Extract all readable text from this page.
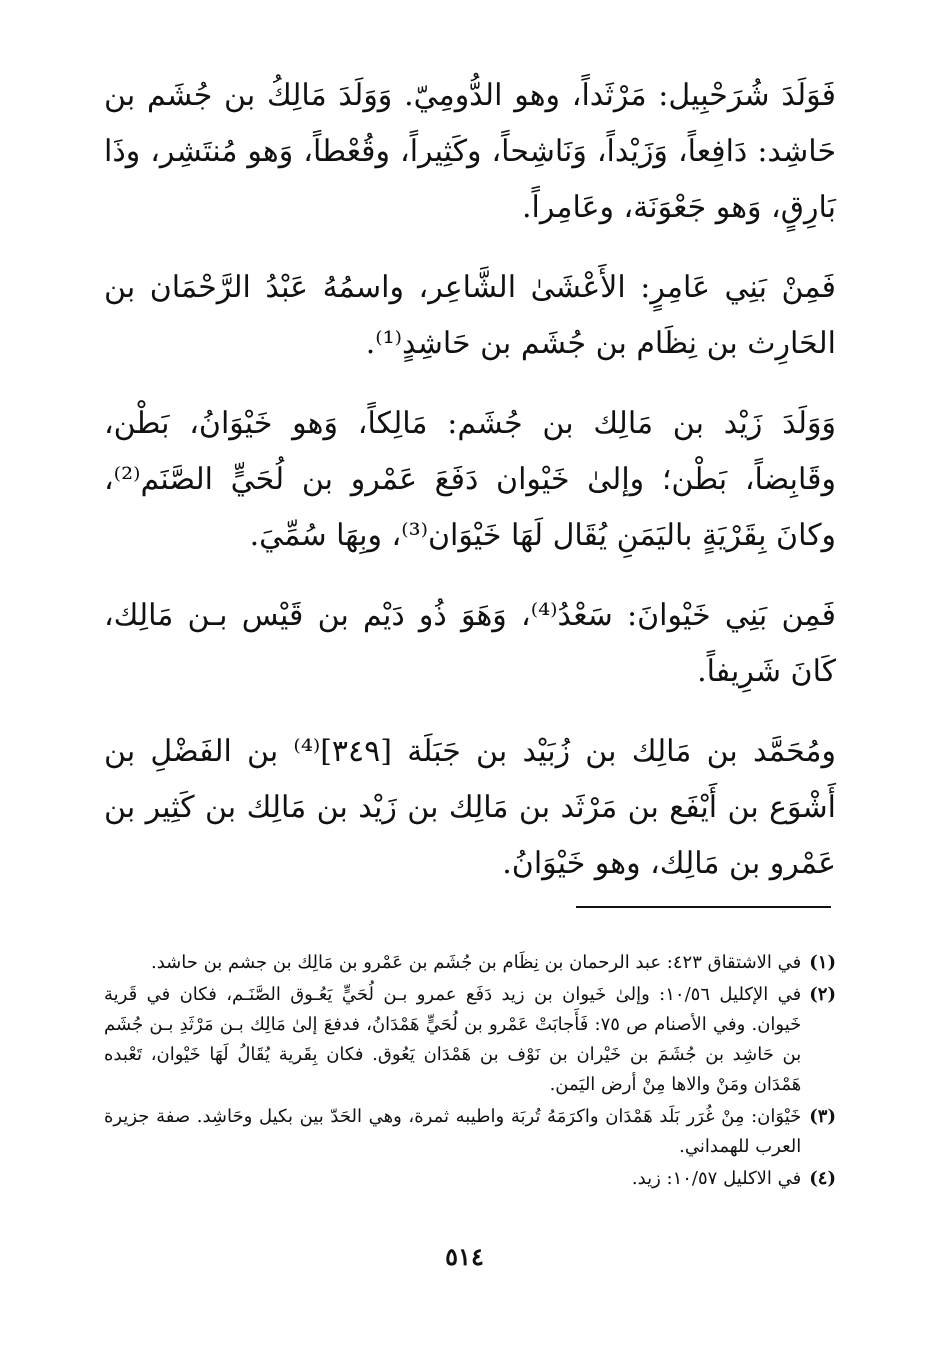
فَوَلَدَ شُرَحْبِيل: مَرْثَداً، وهو الدُّومِيّ. وَوَلَدَ مَالِكُ بن جُشَم بن حَاشِد: دَافِعاً، وَزَيْداً، وَنَاشِحاً، وكَثِيراً، وقُعْطاً، وَهو مُنتَشِر، وذَا بَارِقٍ، وَهو جَعْوَنَة، وعَامِراً.

فَمِنْ بَنِي عَامِرٍ: الأَعْشَىٰ الشَّاعِر، واسمُهُ عَبْدُ الرَّحْمَان بن الحَارِث بن نِظَام بن جُشَم بن حَاشِدٍ⁽¹⁾.

وَوَلَدَ زَيْد بن مَالِك بن جُشَم: مَالِكاً، وَهو خَيْوَانُ، بَطْن، وقَابِضاً، بَطْن؛ وإلىٰ خَيْوان دَفَعَ عَمْرو بن لُحَيٍّ الصَّنَم⁽²⁾، وكانَ بِقَرْيَةٍ باليَمَنِ يُقَال لَهَا خَيْوَان⁽³⁾، وبِهَا سُمِّيَ.

فَمِن بَنِي خَيْوانَ: سَعْدُ⁽⁴⁾، وَهَوَ ذُو دَيْم بن قَيْس بـن مَالِك، كَانَ شَرِيفاً.

ومُحَمَّد بن مَالِك بن زُبَيْد بن جَبَلَة [٣٤٩]⁽⁴⁾ بن الفَضْلِ بن أَشْوَع بن أَيْفَع بن مَرْثَد بن مَالِك بن زَيْد بن مَالِك بن كَثِير بن عَمْرو بن مَالِك، وهو خَيْوَانُ.

(١)
في الاشتقاق ٤٢٣: عبد الرحمان بن نِظَام بن جُشَم بن عَمْرو بن مَالِك بن جشم بن حاشد.
(٢)
في الإكليل ١٠/٥٦: وإلىٰ خَيوان بن زيد دَفَع عمرو بـن لُحَيٍّ يَعُـوق الصَّنَـم، فكان في قَرية خَيوان. وفي الأصنام ص ٧٥: فَأَجابَتْ عَمْرو بن لُحَيٍّ هَمْدَانُ، فدفعَ إلىٰ مَالِك بـن مَرْثَدِ بـن جُشَم بن حَاشِد بن جُشَمَ بن خَيْران بن نَوْف بن هَمْدَان يَعُوق. فكان بِقَرية يُقَالُ لَهَا خَيْوان، تَعْبده هَمْدَان ومَنْ والاها مِنْ أرض اليَمن.
(٣)
خَيْوَان: مِنْ غُرَر بَلَد هَمْدَان واكرَمَهُ تُربَة واطيبه ثمرة، وهي الحَدّ بين بكيل وحَاشِد. صفة جزيرة العرب للهمداني.
(٤)
في الاكليل ١٠/٥٧: زيد.
٥١٤
